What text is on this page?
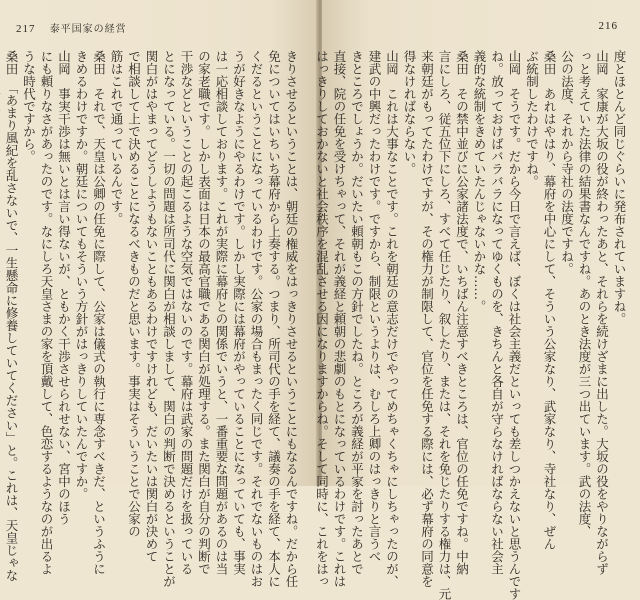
217 泰平国家の経営
きりさせるということは、朝廷の権威をはっきりさせるということにもなるんですね。だから任
免についてはいちいち幕府から上奏する。つまり、所司代の手を経て、議奏の手を経て、本人に
くだるということになっているわけです。公家の場合もまったく同じです。それでないものはお
うが好きなようにやるわけです。しかし実際には幕府がやっていることになっていても、事実
は一応相談しております。これが実際に幕府との関係でいうと、一番重要な問題があるのは当
の家老職です。しかし表面は日本の最高官職である関白が処理する。また関白が自分の判断で
干渉などということの起こるような空気ではないのです。幕府は武家の問題だけを扱っている
とになっている。一切の問題は所司代に関白が相談しまして、関白の判断で決めるということが
関白がはやまってどうしようもないこともあるわけですけれども、だいたいは関白が決めて
で相談して上で決めることになるべきものだと思います。事実はそういうことで公家の
筋はこれで通っているんです。
桑田　それで、天皇は公卿の任免に際して、公家は儀式の執行に専念すべきだ、というふうに
きめるわけですか。朝廷についてもそういう方針がはっきりしていたんですか。
山岡　事実干渉は無いとは言い得ないが、ともかく干渉させられせない、宮中のほう
にも頼りなさがあったのです。なにしろ天皇さまの家を頂戴して、色恋するようなのが出るよ
うな時代ですから。
桑田　「あまり風紀を乱さないで、一生懸命に修養していてください」と。これは、天皇じゃな
216
度とほとんど同じぐらいに発布されていますね。
山岡　家康が大坂の役が終わったあと、それらを続けざまに出した。大坂の役をやりながらず
っと考えていた法律の結果書なんですね。あのとき法度が三つ出ています。武の法度、
公の法度、それから寺社の法度ですね。
桑田　あれはやはり、幕府を中心にして、そういう公家なり、武家なり、寺社なり、ぜん
ぶ統制したわけですね。
山岡　そうです。だから今日で言えば、ぼくは社会主義だといっても差しつかえないと思うんです
ね。放っておけばバラバラになってゆくものを、きちんと各自が守らなければならない社会主
義的な統制をきめていたんじゃないかな……。
桑田　その禁中並びに公家諸法度で、いちばん注意すべきところは、官位の任免ですね。中納
言にしろ、従五位下にしろ、すべて任じたり、叙したり、または、それを免じたりする権力は、元
来朝廷がもってたわけですが、その権力が制限して、官位を任免する際には、必ず幕府の同意を
得なければならない。
山岡　これは大事なことです。これを朝廷の意志だけでやってめちゃくちゃにしちゃったのが、
建武の中興だったわけです。ですから、制限というよりは、むしろ上卿のはっきりと言うべ
きところでしょうか。だいたい頼朝もこの方針でしたね。ところが義経が平家を討ったあとで
直接、院の任免を受けちゃって、それが義経と頼朝の悲劇のもとになっているわけです。これは
はっきりしておかないと社会秩序を混乱させる因になりますからね。そして同時に、これをはっ
